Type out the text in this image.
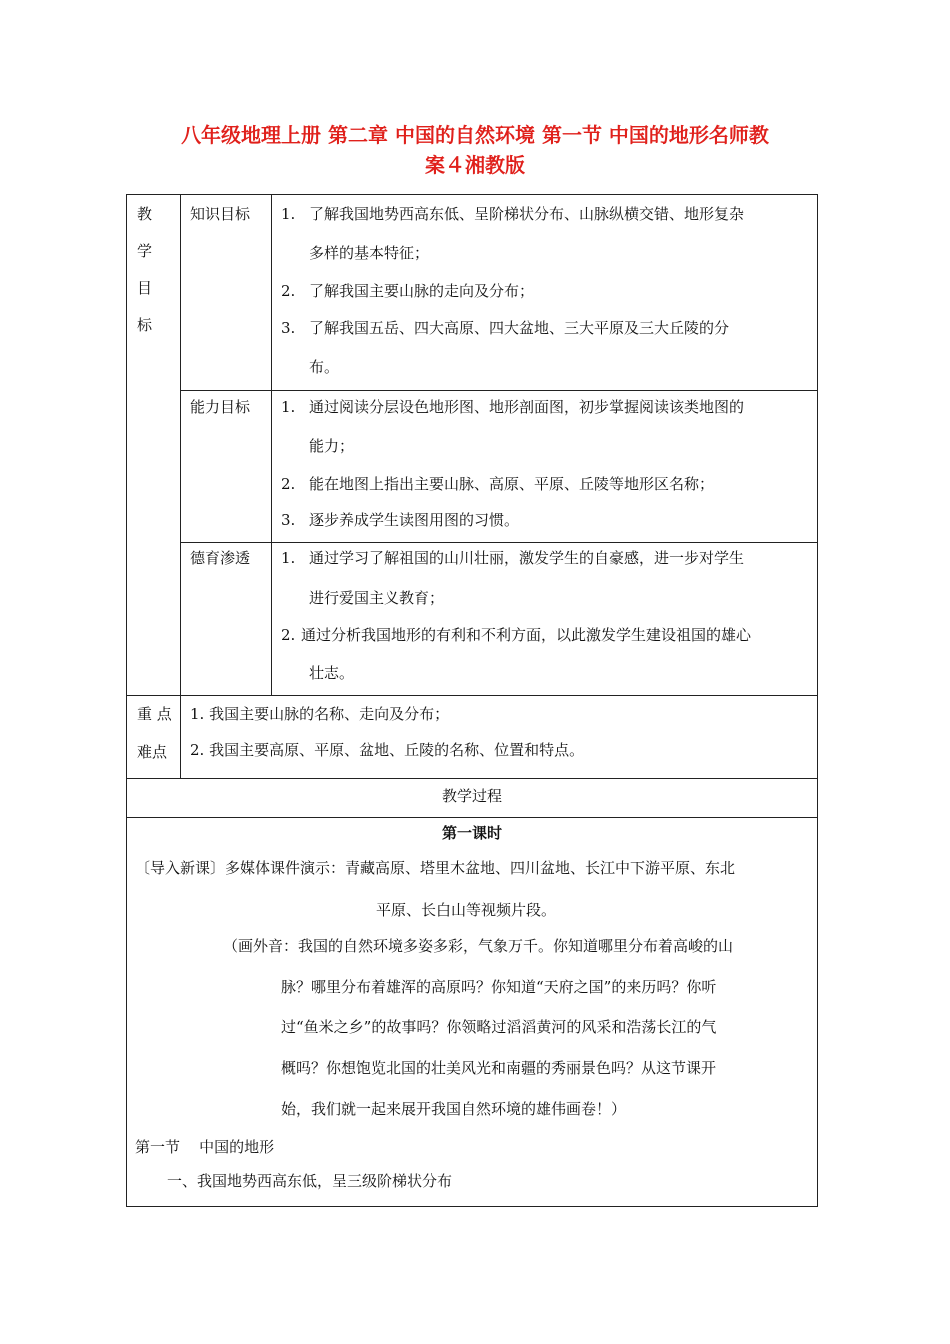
八年级地理上册 第二章 中国的自然环境 第一节 中国的地形名师教
案４湘教版
教
学
目
标
知识目标 1. 了解我国地势西高东低、呈阶梯状分布、山脉纵横交错、地形复杂
多样的基本特征；
2. 了解我国主要山脉的走向及分布；
3. 了解我国五岳、四大高原、四大盆地、三大平原及三大丘陵的分
布。
能力目标 1. 通过阅读分层设色地形图、地形剖面图，初步掌握阅读该类地图的
能力；
2. 能在地图上指出主要山脉、高原、平原、丘陵等地形区名称；
3. 逐步养成学生读图用图的习惯。
德育渗透 1. 通过学习了解祖国的山川壮丽，激发学生的自豪感，进一步对学生
进行爱国主义教育；
2. 通过分析我国地形的有利和不利方面，以此激发学生建设祖国的雄心
壮志。
重 点
难点
1. 我国主要山脉的名称、走向及分布；
2. 我国主要高原、平原、盆地、丘陵的名称、位置和特点。
教学过程
第一课时
〔导入新课〕多媒体课件演示：青藏高原、塔里木盆地、四川盆地、长江中下游平原、东北
平原、长白山等视频片段。
（画外音：我国的自然环境多姿多彩，气象万千。你知道哪里分布着高峻的山
脉？哪里分布着雄浑的高原吗？你知道“天府之国”的来历吗？你听
过“鱼米之乡”的故事吗？你领略过滔滔黄河的风采和浩荡长江的气
概吗？你想饱览北国的壮美风光和南疆的秀丽景色吗？从这节课开
始，我们就一起来展开我国自然环境的雄伟画卷！）
第一节    中国的地形
一、我国地势西高东低，呈三级阶梯状分布
